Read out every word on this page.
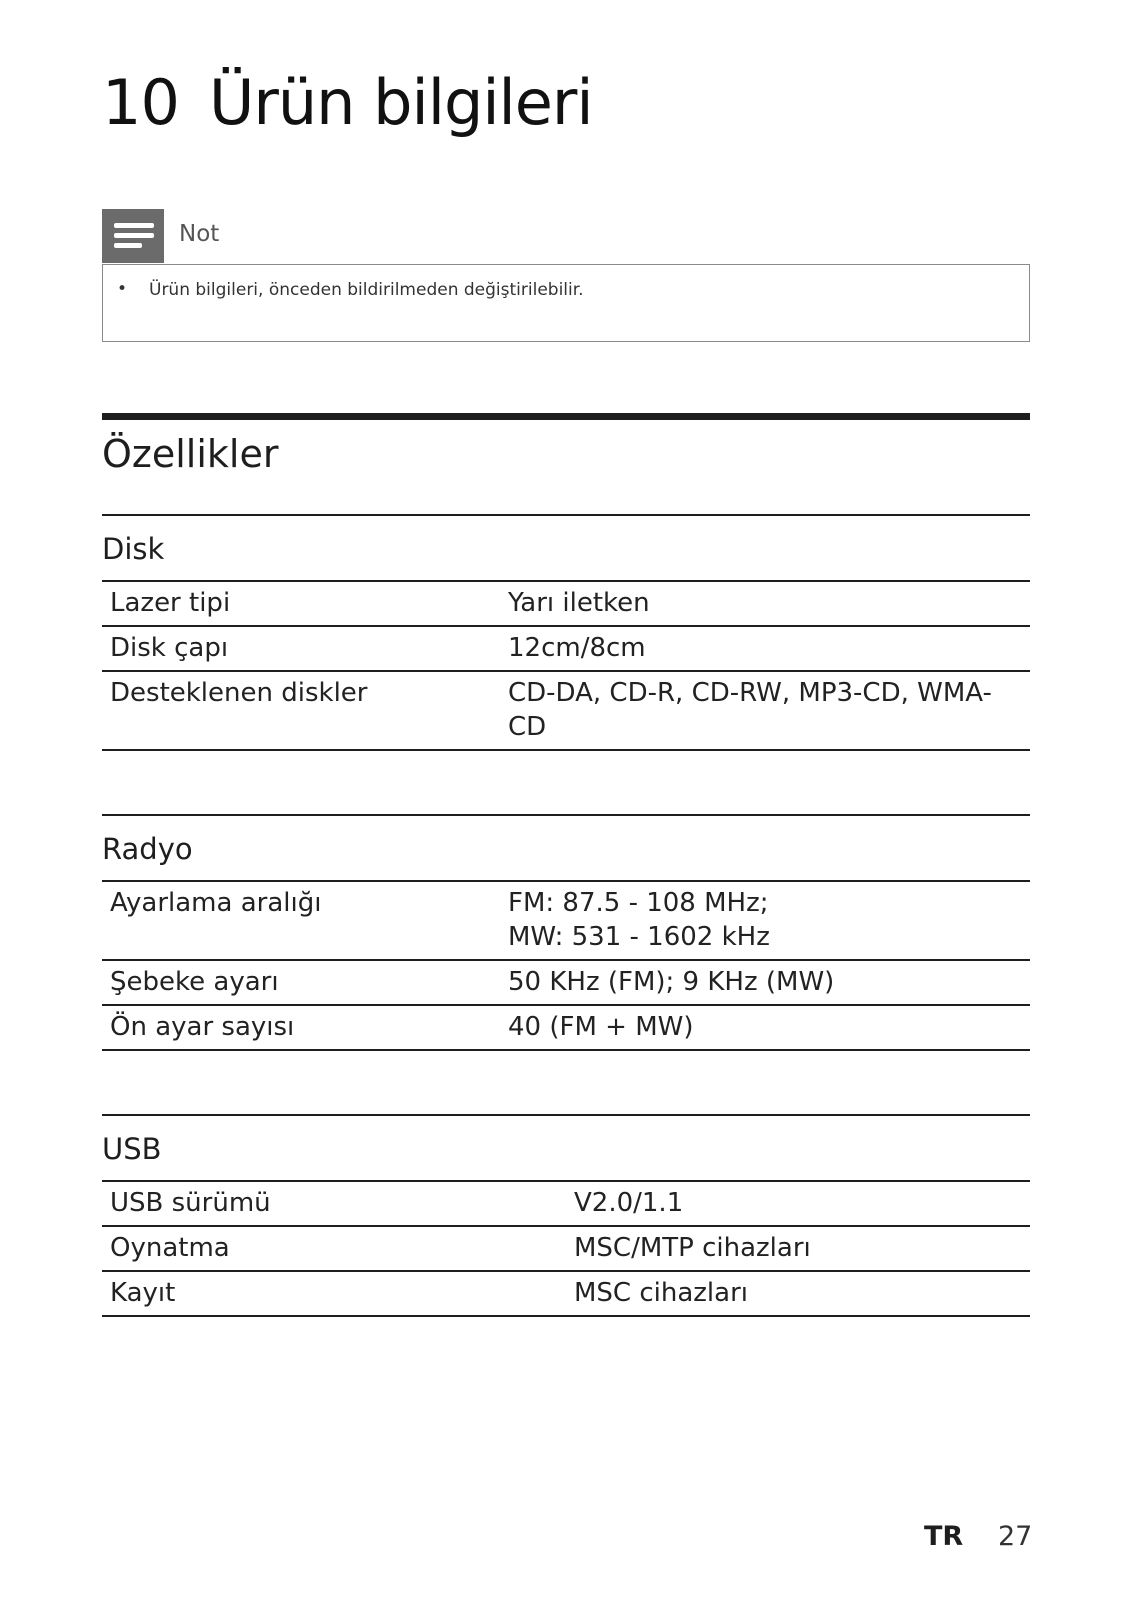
10 Ürün bilgileri
Not
• Ürün bilgileri, önceden bildirilmeden değiştirilebilir.
Özellikler
Disk
Lazer tipi	Yarı iletken
Disk çapı	12cm/8cm
Desteklenen diskler	CD-DA, CD-R, CD-RW, MP3-CD, WMA-
CD
Radyo
Ayarlama aralığı	FM: 87.5 - 108 MHz;
MW: 531 - 1602 kHz
Şebeke ayarı	50 KHz (FM); 9 KHz (MW)
Ön ayar sayısı	40 (FM + MW)
USB
USB sürümü	V2.0/1.1
Oynatma	MSC/MTP cihazları
Kayıt	MSC cihazları
TR 27
